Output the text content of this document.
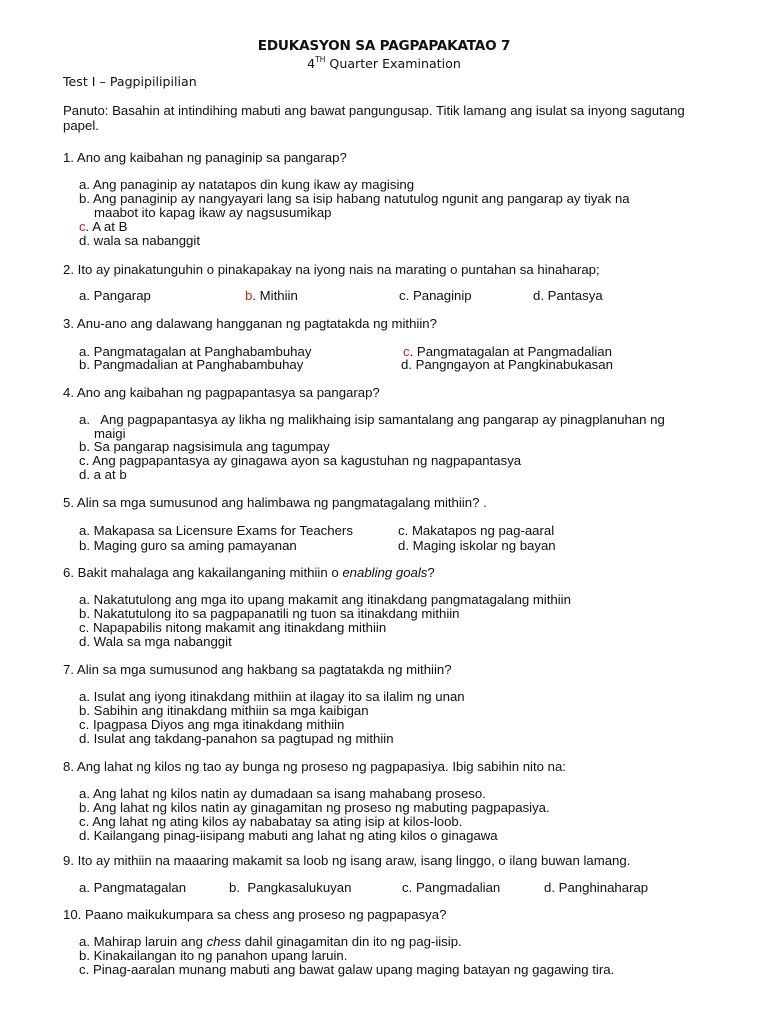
EDUKASYON SA PAGPAPAKATAO 7
4TH Quarter Examination
Test I – Pagpipilipilian
Panuto: Basahin at intindihing mabuti ang bawat pangungusap. Titik lamang ang isulat sa inyong sagutang papel.
1. Ano ang kaibahan ng panaginip sa pangarap?
a. Ang panaginip ay natatapos din kung ikaw ay magising
b. Ang panaginip ay nangyayari lang sa isip habang natutulog ngunit ang pangarap ay tiyak na
maabot ito kapag ikaw ay nagsusumikap
c. A at B
d. wala sa nabanggit
2. Ito ay pinakatunguhin o pinakapakay na iyong nais na marating o puntahan sa hinaharap;
a. Pangarap	b. Mithiin	c. Panaginip	d. Pantasya
3. Anu-ano ang dalawang hangganan ng pagtatakda ng mithiin?
a. Pangmatagalan at Panghabambuhay	c. Pangmatagalan at Pangmadalian
b. Pangmadalian at Panghabambuhay	d. Pangngayon at Pangkinabukasan
4. Ano ang kaibahan ng pagpapantasya sa pangarap?
a. Ang pagpapantasya ay likha ng malikhaing isip samantalang ang pangarap ay pinagplanuhan ng
maigi
b. Sa pangarap nagsisimula ang tagumpay
c. Ang pagpapantasya ay ginagawa ayon sa kagustuhan ng nagpapantasya
d. a at b
5. Alin sa mga sumusunod ang halimbawa ng pangmatagalang mithiin? .
a. Makapasa sa Licensure Exams for Teachers	c. Makatapos ng pag-aaral
b. Maging guro sa aming pamayanan	d. Maging iskolar ng bayan
6. Bakit mahalaga ang kakailanganing mithiin o enabling goals?
a. Nakatutulong ang mga ito upang makamit ang itinakdang pangmatagalang mithiin
b. Nakatutulong ito sa pagpapanatili ng tuon sa itinakdang mithiin
c. Napapabilis nitong makamit ang itinakdang mithiin
d. Wala sa mga nabanggit
7. Alin sa mga sumusunod ang hakbang sa pagtatakda ng mithiin?
a. Isulat ang iyong itinakdang mithiin at ilagay ito sa ilalim ng unan
b. Sabihin ang itinakdang mithiin sa mga kaibigan
c. Ipagpasa Diyos ang mga itinakdang mithiin
d. Isulat ang takdang-panahon sa pagtupad ng mithiin
8. Ang lahat ng kilos ng tao ay bunga ng proseso ng pagpapasiya. Ibig sabihin nito na:
a. Ang lahat ng kilos natin ay dumadaan sa isang mahabang proseso.
b. Ang lahat ng kilos natin ay ginagamitan ng proseso ng mabuting pagpapasiya.
c. Ang lahat ng ating kilos ay nababatay sa ating isip at kilos-loob.
d. Kailangang pinag-iisipang mabuti ang lahat ng ating kilos o ginagawa
9. Ito ay mithiin na maaaring makamit sa loob ng isang araw, isang linggo, o ilang buwan lamang.
a. Pangmatagalan	b. Pangkasalukuyan	c. Pangmadalian	d. Panghinaharap
10. Paano maikukumpara sa chess ang proseso ng pagpapasya?
a. Mahirap laruin ang chess dahil ginagamitan din ito ng pag-iisip.
b. Kinakailangan ito ng panahon upang laruin.
c. Pinag-aaralan munang mabuti ang bawat galaw upang maging batayan ng gagawing tira.
